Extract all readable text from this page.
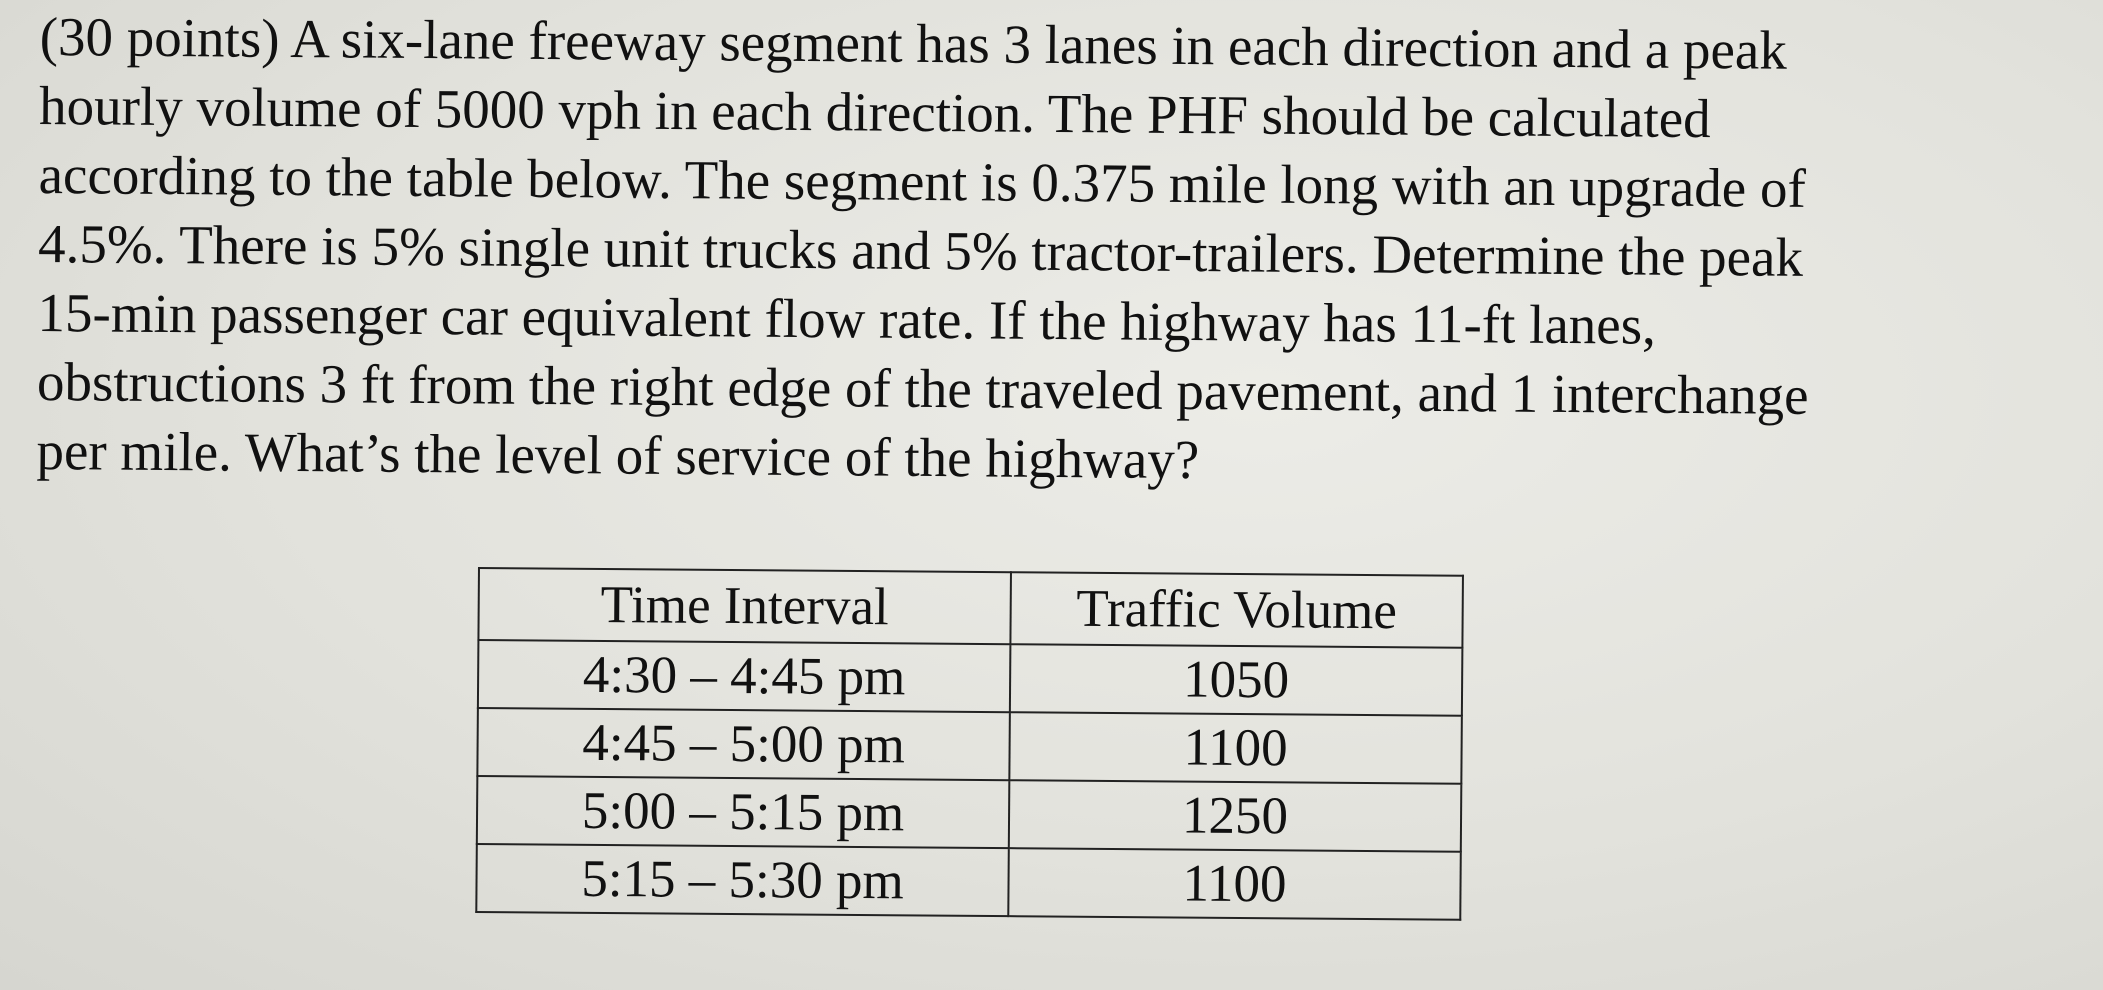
(30 points) A six-lane freeway segment has 3 lanes in each direction and a peak
hourly volume of 5000 vph in each direction. The PHF should be calculated
according to the table below. The segment is 0.375 mile long with an upgrade of
4.5%. There is 5% single unit trucks and 5% tractor-trailers. Determine the peak
15-min passenger car equivalent flow rate. If the highway has 11-ft lanes,
obstructions 3 ft from the right edge of the traveled pavement, and 1 interchange
per mile. What’s the level of service of the highway?
Time Interval	Traffic Volume
4:30 – 4:45 pm	1050
4:45 – 5:00 pm	1100
5:00 – 5:15 pm	1250
5:15 – 5:30 pm	1100
